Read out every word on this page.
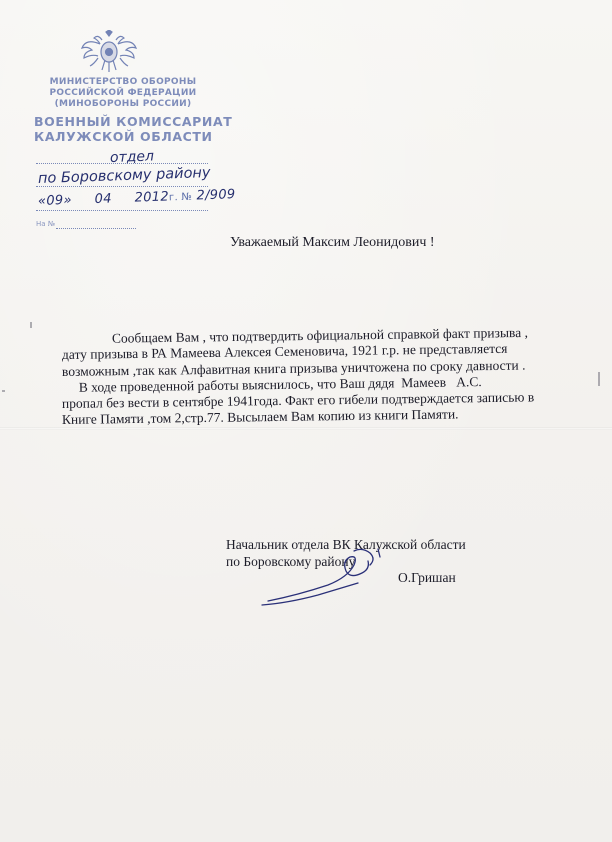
МИНИСТЕРСТВО ОБОРОНЫ
РОССИЙСКОЙ ФЕДЕРАЦИИ
(МИНОБОРОНЫ РОССИИ)
ВОЕННЫЙ КОМИССАРИАТ
КАЛУЖСКОЙ ОБЛАСТИ
отдел
по Боровскому району
«09» 04 2012г. № 2/909
На №
Уважаемый Максим Леонидович !
Сообщаем Вам , что подтвердить официальной справкой факт призыва ,
дату призыва в РА Мамеева Алексея Семеновича, 1921 г.р. не представляется
возможным ,так как Алфавитная книга призыва уничтожена по сроку давности .
В ходе проведенной работы выяснилось, что Ваш дядя  Мамеев   А.С.
пропал без вести в сентябре 1941года. Факт его гибели подтверждается записью в
Книге Памяти ,том 2,стр.77. Высылаем Вам копию из книги Памяти.
Начальник отдела ВК Калужской области
по Боровскому району
О.Гришан
